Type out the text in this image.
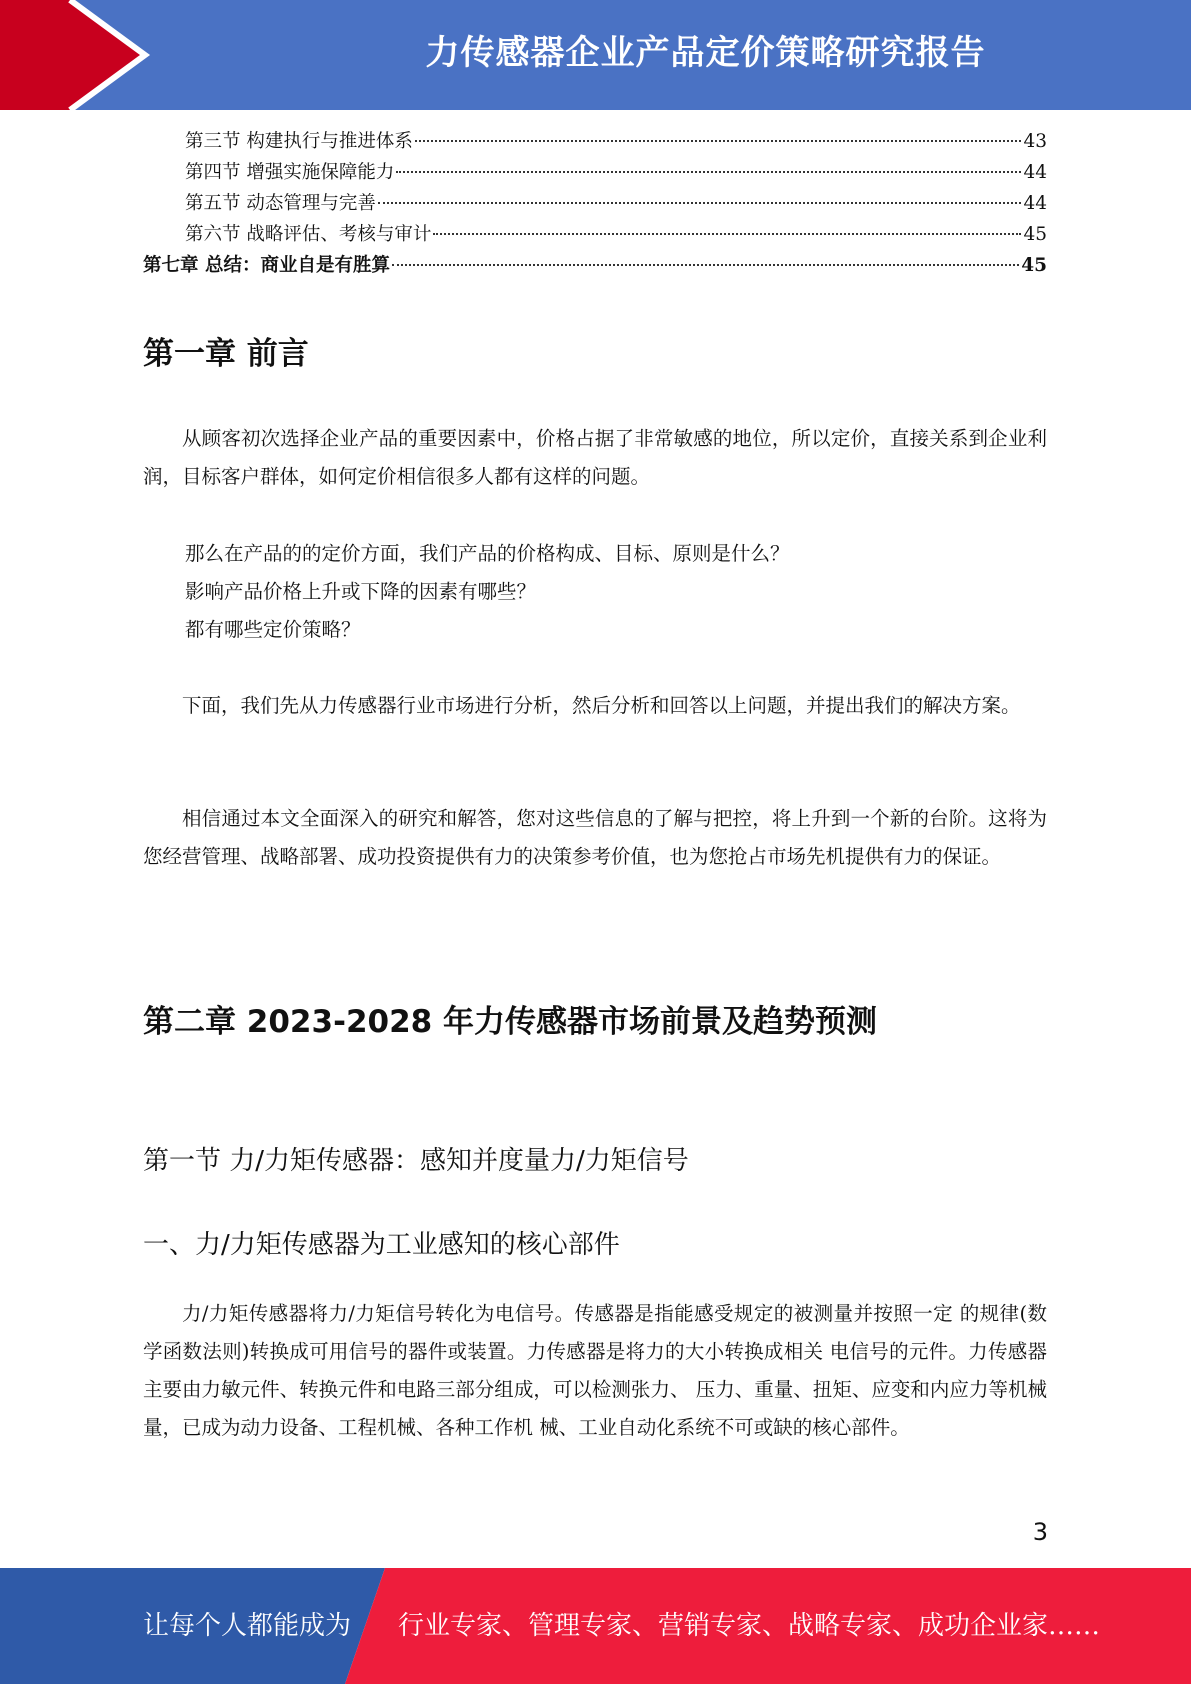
力传感器企业产品定价策略研究报告
第三节 构建执行与推进体系	43
第四节 增强实施保障能力	44
第五节 动态管理与完善	44
第六节 战略评估、考核与审计	45
第七章 总结：商业自是有胜算	45
第一章 前言

从顾客初次选择企业产品的重要因素中，价格占据了非常敏感的地位，所以定价，直接关系到企业利润，目标客户群体，如何定价相信很多人都有这样的问题。

那么在产品的的定价方面，我们产品的价格构成、目标、原则是什么？

影响产品价格上升或下降的因素有哪些？

都有哪些定价策略？

下面，我们先从力传感器行业市场进行分析，然后分析和回答以上问题，并提出我们的解决方案。

相信通过本文全面深入的研究和解答，您对这些信息的了解与把控，将上升到一个新的台阶。这将为您经营管理、战略部署、成功投资提供有力的决策参考价值，也为您抢占市场先机提供有力的保证。

第二章 2023-2028 年力传感器市场前景及趋势预测
第一节 力/力矩传感器：感知并度量力/力矩信号
一、力/力矩传感器为工业感知的核心部件

力/力矩传感器将力/力矩信号转化为电信号。传感器是指能感受规定的被测量并按照一定 的规律(数学函数法则)转换成可用信号的器件或装置。力传感器是将力的大小转换成相关 电信号的元件。力传感器主要由力敏元件、转换元件和电路三部分组成，可以检测张力、 压力、重量、扭矩、应变和内应力等机械量，已成为动力设备、工程机械、各种工作机 械、工业自动化系统不可或缺的核心部件。

3
让每个人都能成为 行业专家、管理专家、营销专家、战略专家、成功企业家……
